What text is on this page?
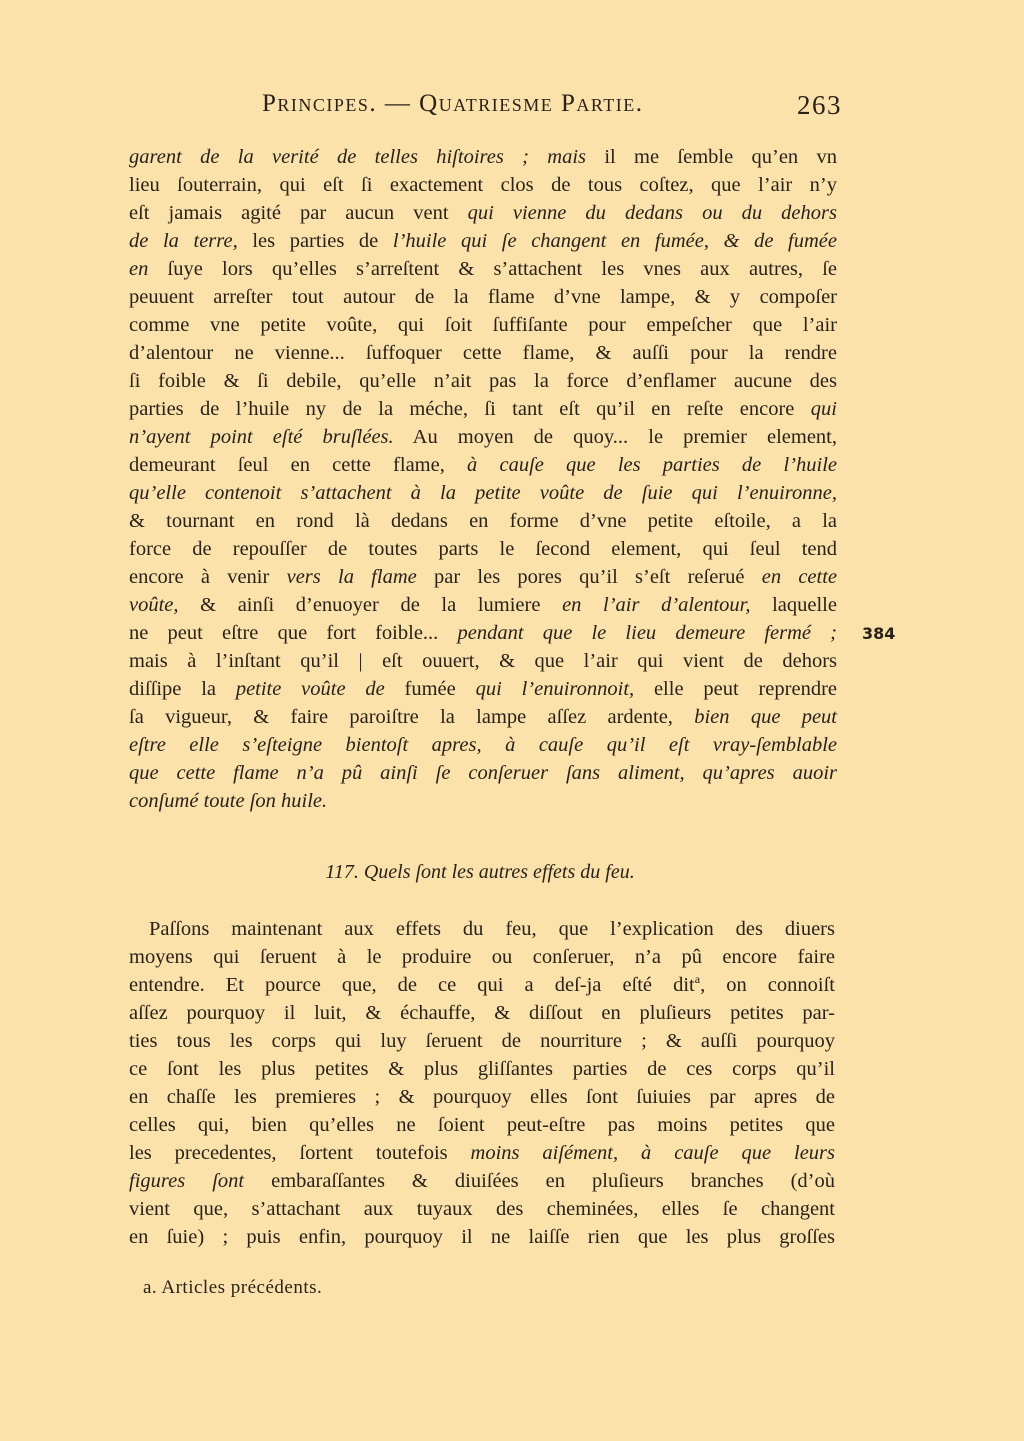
Principes. — Quatriesme Partie.	263
garent de la verité de telles hiſtoires ; mais il me ſemble qu’en vn
lieu ſouterrain, qui eſt ſi exactement clos de tous coſtez, que l’air n’y
eſt jamais agité par aucun vent qui vienne du dedans ou du dehors
de la terre, les parties de l’huile qui ſe changent en fumée, & de fumée
en ſuye lors qu’elles s’arreſtent & s’attachent les vnes aux autres, ſe
peuuent arreſter tout autour de la flame d’vne lampe, & y compoſer
comme vne petite voûte, qui ſoit ſuffiſante pour empeſcher que l’air
d’alentour ne vienne... ſuffoquer cette flame, & auſſi pour la rendre
ſi foible & ſi debile, qu’elle n’ait pas la force d’enflamer aucune des
parties de l’huile ny de la méche, ſi tant eſt qu’il en reſte encore qui
n’ayent point eſté bruſlées. Au moyen de quoy... le premier element,
demeurant ſeul en cette flame, à cauſe que les parties de l’huile
qu’elle contenoit s’attachent à la petite voûte de ſuie qui l’enuironne,
& tournant en rond là dedans en forme d’vne petite eſtoile, a la
force de repouſſer de toutes parts le ſecond element, qui ſeul tend
encore à venir vers la flame par les pores qu’il s’eſt reſerué en cette
voûte, & ainſi d’enuoyer de la lumiere en l’air d’alentour, laquelle
ne peut eſtre que fort foible... pendant que le lieu demeure fermé ;
mais à l’inſtant qu’il | eſt ouuert, & que l’air qui vient de dehors
diſſipe la petite voûte de fumée qui l’enuironnoit, elle peut reprendre
ſa vigueur, & faire paroiſtre la lampe aſſez ardente, bien que peut
eſtre elle s’eſteigne bientoſt apres, à cauſe qu’il eſt vray-ſemblable
que cette flame n’a pû ainſi ſe conſeruer ſans aliment, qu’apres auoir
conſumé toute ſon huile.
384
117. Quels ſont les autres effets du feu.
Paſſons maintenant aux effets du feu, que l’explication des diuers
moyens qui ſeruent à le produire ou conſeruer, n’a pû encore faire
entendre. Et pource que, de ce qui a deſ-ja eſté dit$^a$, on connoiſt
aſſez pourquoy il luit, & échauffe, & diſſout en pluſieurs petites par-
ties tous les corps qui luy ſeruent de nourriture ; & auſſi pourquoy
ce ſont les plus petites & plus gliſſantes parties de ces corps qu’il
en chaſſe les premieres ; & pourquoy elles ſont ſuiuies par apres de
celles qui, bien qu’elles ne ſoient peut-eſtre pas moins petites que
les precedentes, ſortent toutefois moins aiſément, à cauſe que leurs
figures ſont embaraſſantes & diuiſées en pluſieurs branches (d’où
vient que, s’attachant aux tuyaux des cheminées, elles ſe changent
en ſuie) ; puis enfin, pourquoy il ne laiſſe rien que les plus groſſes
a. Articles précédents.
